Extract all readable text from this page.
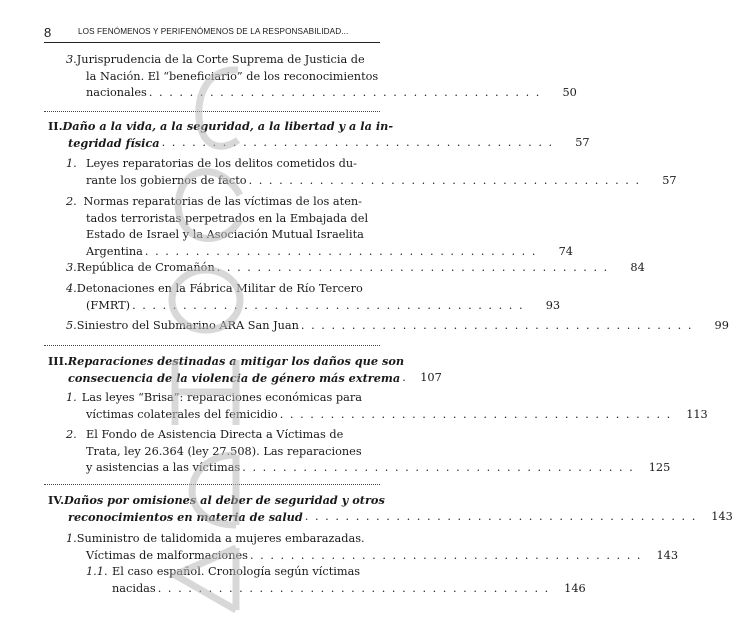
8	LOS FENÓMENOS Y PERIFENÓMENOS DE LA RESPONSABILIDAD...
3. Jurisprudencia de la Corte Suprema de Justicia de
la Nación. El “beneficiario” de los reconocimientos
nacionales . . . . . . . . . . . . . . . . . . . . . . . . . . . . . . . . . . . . . . .	50
II. Daño a la vida, a la seguridad, a la libertad y a la in-
tegridad física . . . . . . . . . . . . . . . . . . . . . . . . . . . . . . . . . . . . . . .	57
1. Leyes reparatorias de los delitos cometidos du-
rante los gobiernos de facto . . . . . . . . . . . . . . . . . . . . . . . . . . . . . . . . . . . . . . .	57
2. Normas reparatorias de las víctimas de los aten-
tados terroristas perpetrados en la Embajada del
Estado de Israel y la Asociación Mutual Israelita
Argentina . . . . . . . . . . . . . . . . . . . . . . . . . . . . . . . . . . . . . . .	74
3. República de Cromañón . . . . . . . . . . . . . . . . . . . . . . . . . . . . . . . . . . . . . . .	84
4. Detonaciones en la Fábrica Militar de Río Tercero
(FMRT) . . . . . . . . . . . . . . . . . . . . . . . . . . . . . . . . . . . . . . .	93
5. Siniestro del Submarino ARA San Juan . . . . . . . . . . . . . . . . . . . . . . . . . . . . . . . . . . . . . . .	99
III. Reparaciones destinadas a mitigar los daños que son
consecuencia de la violencia de género más extrema .	107
1. Las leyes “Brisa”: reparaciones económicas para
víctimas colaterales del femicidio . . . . . . . . . . . . . . . . . . . . . . . . . . . . . . . . . . . . . . .	113
2. El Fondo de Asistencia Directa a Víctimas de
Trata, ley 26.364 (ley 27.508). Las reparaciones
y asistencias a las víctimas . . . . . . . . . . . . . . . . . . . . . . . . . . . . . . . . . . . . . . .	125
IV. Daños por omisiones al deber de seguridad y otros
reconocimientos en materia de salud . . . . . . . . . . . . . . . . . . . . . . . . . . . . . . . . . . . . . . .	143
1. Suministro de talidomida a mujeres embarazadas.
Víctimas de malformaciones . . . . . . . . . . . . . . . . . . . . . . . . . . . . . . . . . . . . . . .	143
1.1. El caso español. Cronología según víctimas
nacidas . . . . . . . . . . . . . . . . . . . . . . . . . . . . . . . . . . . . . . .	146
